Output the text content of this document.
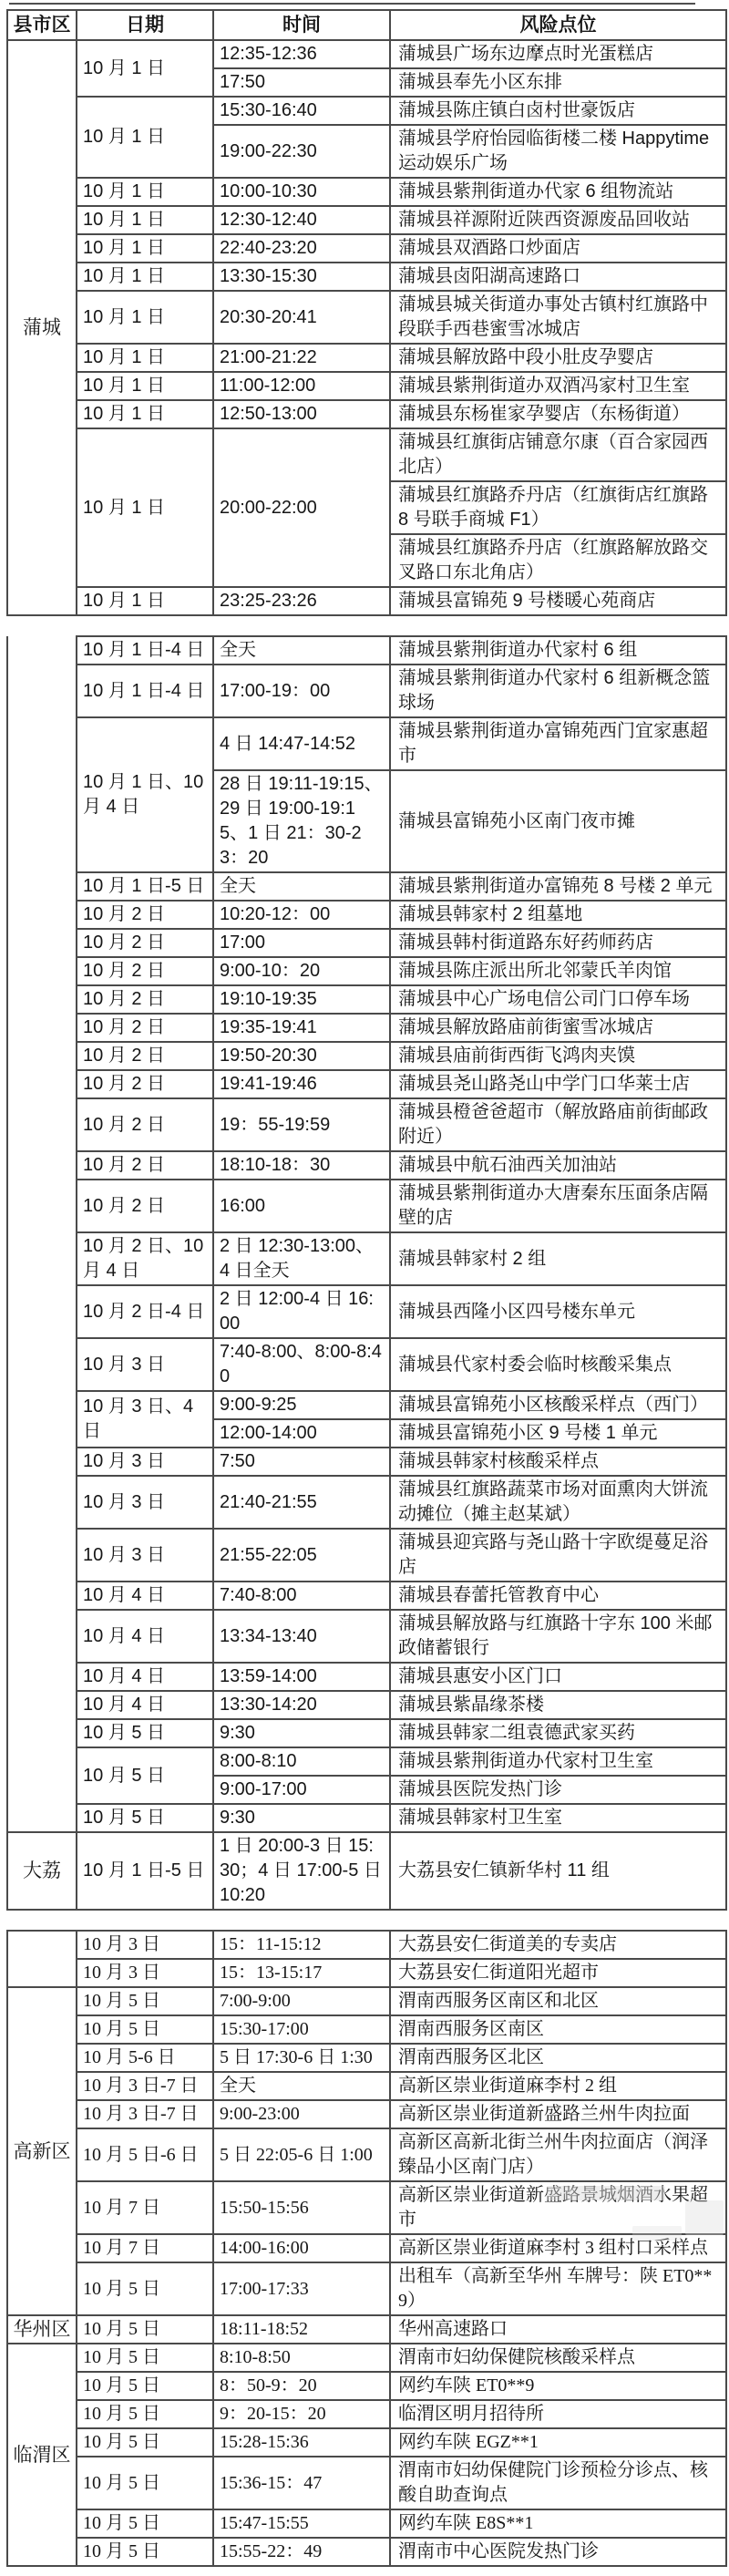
县市区	日期	时间	风险点位
蒲城	10 月 1 日	12:35-12:36	蒲城县广场东边摩点时光蛋糕店
		17:50	蒲城县奉先小区东排
	10 月 1 日	15:30-16:40	蒲城县陈庄镇白卤村世豪饭店
		19:00-22:30	蒲城县学府怡园临街楼二楼 Happytime 运动娱乐广场
	10 月 1 日	10:00-10:30	蒲城县紫荆街道办代家 6 组物流站
	10 月 1 日	12:30-12:40	蒲城县祥源附近陕西资源废品回收站
	10 月 1 日	22:40-23:20	蒲城县双酒路口炒面店
	10 月 1 日	13:30-15:30	蒲城县卤阳湖高速路口
	10 月 1 日	20:30-20:41	蒲城县城关街道办事处古镇村红旗路中段联手西巷蜜雪冰城店
	10 月 1 日	21:00-21:22	蒲城县解放路中段小肚皮孕婴店
	10 月 1 日	11:00-12:00	蒲城县紫荆街道办双酒冯家村卫生室
	10 月 1 日	12:50-13:00	蒲城县东杨崔家孕婴店（东杨街道）
	10 月 1 日	20:00-22:00	蒲城县红旗街店铺意尔康（百合家园西北店）
			蒲城县红旗路乔丹店（红旗街店红旗路 8 号联手商城 F1）
			蒲城县红旗路乔丹店（红旗路解放路交叉路口东北角店）
	10 月 1 日	23:25-23:26	蒲城县富锦苑 9 号楼暖心苑商店
	10 月 1 日-4 日	全天	蒲城县紫荆街道办代家村 6 组
	10 月 1 日-4 日	17:00-19：00	蒲城县紫荆街道办代家村 6 组新概念篮球场
	10 月 1 日、10 月 4 日	4 日 14:47-14:52	蒲城县紫荆街道办富锦苑西门宜家惠超市
		28 日 19:11-19:15、29 日 19:00-19:15、1 日 21：30-23：20	蒲城县富锦苑小区南门夜市摊
	10 月 1 日-5 日	全天	蒲城县紫荆街道办富锦苑 8 号楼 2 单元
	10 月 2 日	10:20-12：00	蒲城县韩家村 2 组墓地
	10 月 2 日	17:00	蒲城县韩村街道路东好药师药店
	10 月 2 日	9:00-10：20	蒲城县陈庄派出所北邻蒙氏羊肉馆
	10 月 2 日	19:10-19:35	蒲城县中心广场电信公司门口停车场
	10 月 2 日	19:35-19:41	蒲城县解放路庙前街蜜雪冰城店
	10 月 2 日	19:50-20:30	蒲城县庙前街西街飞鸿肉夹馍
	10 月 2 日	19:41-19:46	蒲城县尧山路尧山中学门口华莱士店
	10 月 2 日	19：55-19:59	蒲城县橙爸爸超市（解放路庙前街邮政附近）
	10 月 2 日	18:10-18：30	蒲城县中航石油西关加油站
	10 月 2 日	16:00	蒲城县紫荆街道办大唐秦东压面条店隔壁的店
	10 月 2 日、10 月 4 日	2 日 12:30-13:00、4 日全天	蒲城县韩家村 2 组
	10 月 2 日-4 日	2 日 12:00-4 日 16:00	蒲城县西隆小区四号楼东单元
	10 月 3 日	7:40-8:00、8:00-8:40	蒲城县代家村委会临时核酸采集点
	10 月 3 日、4 日	9:00-9:25	蒲城县富锦苑小区核酸采样点（西门）
		12:00-14:00	蒲城县富锦苑小区 9 号楼 1 单元
	10 月 3 日	7:50	蒲城县韩家村核酸采样点
	10 月 3 日	21:40-21:55	蒲城县红旗路蔬菜市场对面熏肉大饼流动摊位（摊主赵某斌）
	10 月 3 日	21:55-22:05	蒲城县迎宾路与尧山路十字欧缇蔓足浴店
	10 月 4 日	7:40-8:00	蒲城县春蕾托管教育中心
	10 月 4 日	13:34-13:40	蒲城县解放路与红旗路十字东 100 米邮政储蓄银行
	10 月 4 日	13:59-14:00	蒲城县惠安小区门口
	10 月 4 日	13:30-14:20	蒲城县紫晶缘茶楼
	10 月 5 日	9:30	蒲城县韩家二组袁德武家买药
	10 月 5 日	8:00-8:10	蒲城县紫荆街道办代家村卫生室
		9:00-17:00	蒲城县医院发热门诊
	10 月 5 日	9:30	蒲城县韩家村卫生室
大荔	10 月 1 日-5 日	1 日 20:00-3 日 15:30；4 日 17:00-5 日 10:20	大荔县安仁镇新华村 11 组
	10 月 3 日	15：11-15:12	大荔县安仁街道美的专卖店
	10 月 3 日	15：13-15:17	大荔县安仁街道阳光超市
高新区	10 月 5 日	7:00-9:00	渭南西服务区南区和北区
	10 月 5 日	15:30-17:00	渭南西服务区南区
	10 月 5-6 日	5 日 17:30-6 日 1:30	渭南西服务区北区
	10 月 3 日-7 日	全天	高新区崇业街道麻李村 2 组
	10 月 3 日-7 日	9:00-23:00	高新区崇业街道新盛路兰州牛肉拉面
	10 月 5 日-6 日	5 日 22:05-6 日 1:00	高新区高新北街兰州牛肉拉面店（润泽臻品小区南门店）
	10 月 7 日	15:50-15:56	高新区崇业街道新盛路景城烟酒水果超市
	10 月 7 日	14:00-16:00	高新区崇业街道麻李村 3 组村口采样点
	10 月 5 日	17:00-17:33	出租车（高新至华州 车牌号：陕 ET0**9）
华州区	10 月 5 日	18:11-18:52	华州高速路口
临渭区	10 月 5 日	8:10-8:50	渭南市妇幼保健院核酸采样点
	10 月 5 日	8：50-9：20	网约车陕 ET0**9
	10 月 5 日	9：20-15：20	临渭区明月招待所
	10 月 5 日	15:28-15:36	网约车陕 EGZ**1
	10 月 5 日	15:36-15：47	渭南市妇幼保健院门诊预检分诊点、核酸自助查询点
	10 月 5 日	15:47-15:55	网约车陕 E8S**1
	10 月 5 日	15:55-22：49	渭南市中心医院发热门诊
